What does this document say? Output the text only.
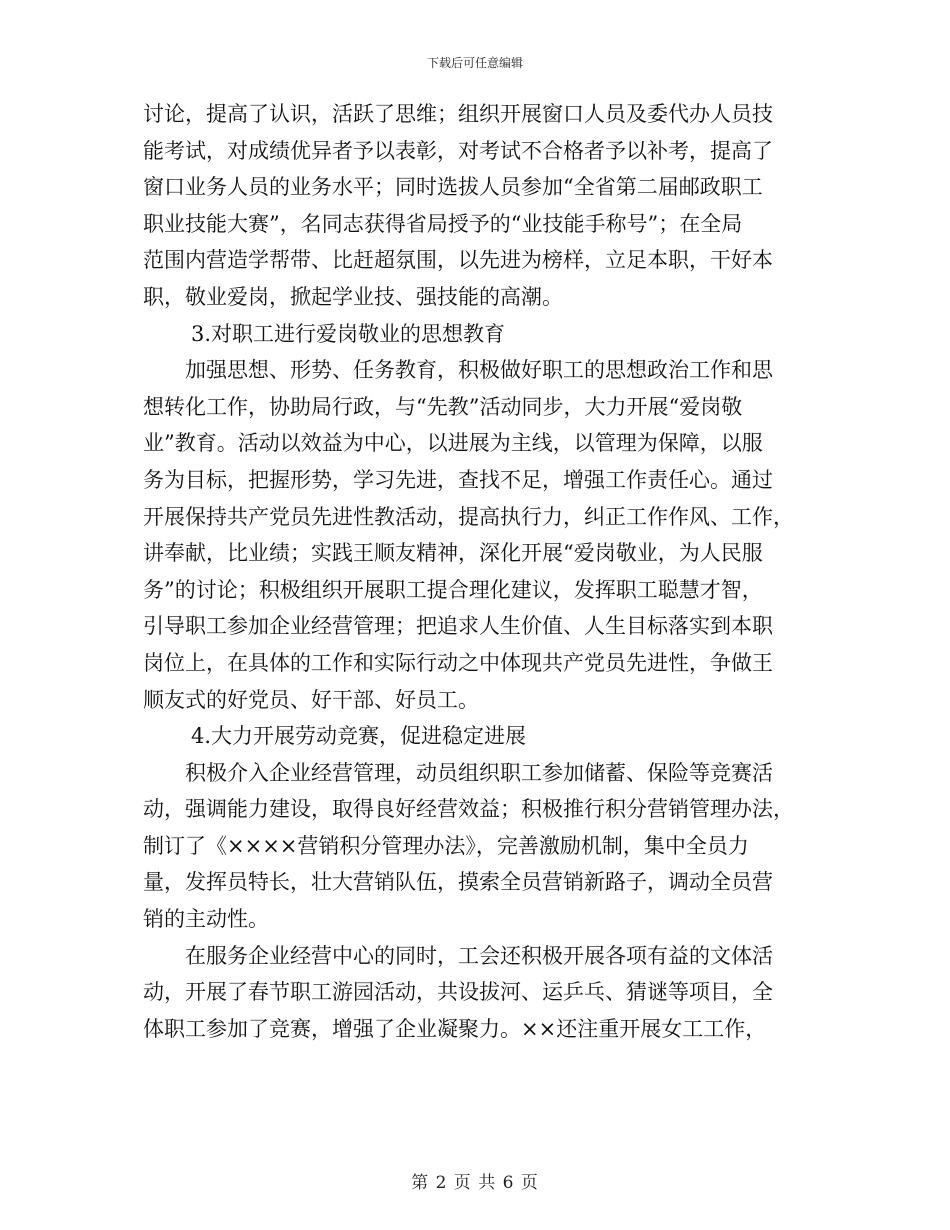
下载后可任意编辑
讨论，提高了认识，活跃了思维；组织开展窗口人员及委代办人员技
能考试，对成绩优异者予以表彰，对考试不合格者予以补考，提高了
窗口业务人员的业务水平；同时选拔人员参加“全省第二届邮政职工
职业技能大赛”，名同志获得省局授予的“业技能手称号”；在全局
范围内营造学帮带、比赶超氛围，以先进为榜样，立足本职，干好本
职，敬业爱岗，掀起学业技、强技能的高潮。
3.对职工进行爱岗敬业的思想教育
加强思想、形势、任务教育，积极做好职工的思想政治工作和思
想转化工作，协助局行政，与“先教”活动同步，大力开展“爱岗敬
业”教育。活动以效益为中心，以进展为主线，以管理为保障，以服
务为目标，把握形势，学习先进，查找不足，增强工作责任心。通过
开展保持共产党员先进性教活动，提高执行力，纠正工作作风、工作，
讲奉献，比业绩；实践王顺友精神，深化开展“爱岗敬业，为人民服
务”的讨论；积极组织开展职工提合理化建议，发挥职工聪慧才智，
引导职工参加企业经营管理；把追求人生价值、人生目标落实到本职
岗位上，在具体的工作和实际行动之中体现共产党员先进性，争做王
顺友式的好党员、好干部、好员工。
4.大力开展劳动竞赛，促进稳定进展
积极介入企业经营管理，动员组织职工参加储蓄、保险等竞赛活
动，强调能力建设，取得良好经营效益；积极推行积分营销管理办法，
制订了《××××营销积分管理办法》，完善激励机制，集中全员力
量，发挥员特长，壮大营销队伍，摸索全员营销新路子，调动全员营
销的主动性。
在服务企业经营中心的同时，工会还积极开展各项有益的文体活
动，开展了春节职工游园活动，共设拔河、运乒乓、猜谜等项目，全
体职工参加了竞赛，增强了企业凝聚力。××还注重开展女工工作，
第 2 页 共 6 页
